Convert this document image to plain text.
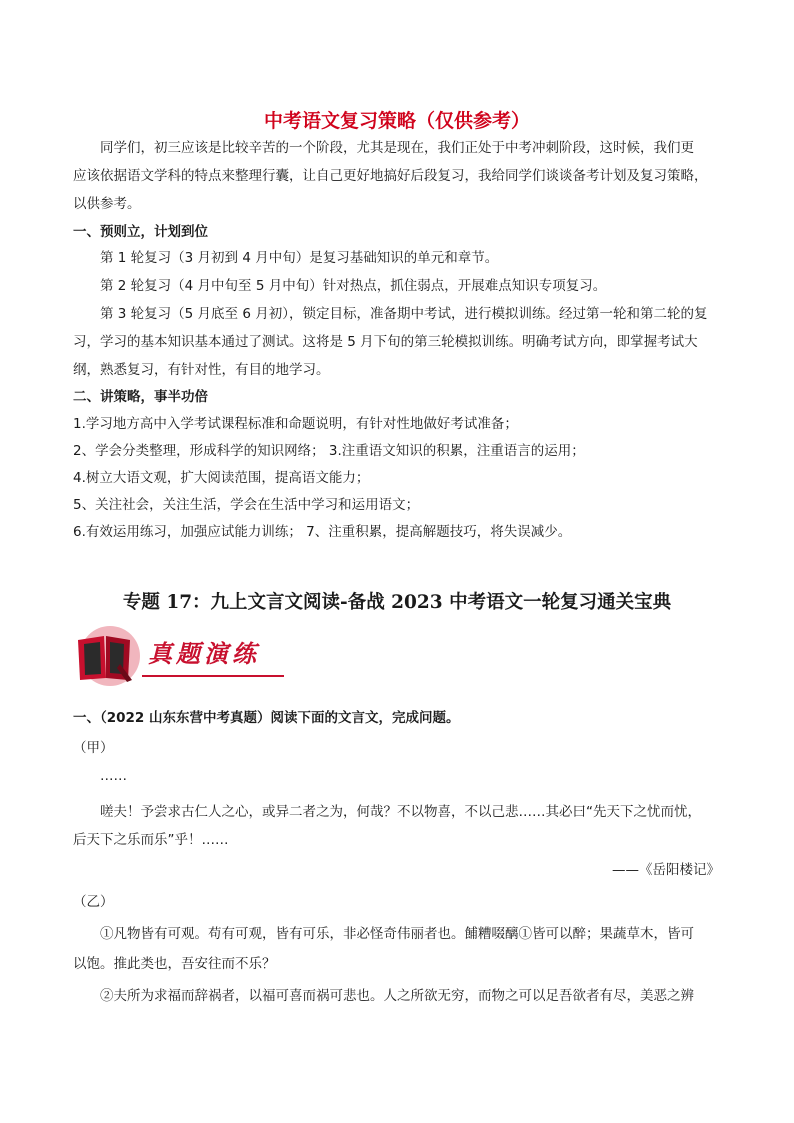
中考语文复习策略（仅供参考）
同学们，初三应该是比较辛苦的一个阶段，尤其是现在，我们正处于中考冲刺阶段，这时候，我们更
应该依据语文学科的特点来整理行囊，让自己更好地搞好后段复习，我给同学们谈谈备考计划及复习策略，
以供参考。
一、预则立，计划到位
第 1 轮复习（3 月初到 4 月中旬）是复习基础知识的单元和章节。
第 2 轮复习（4 月中旬至 5 月中旬）针对热点，抓住弱点，开展难点知识专项复习。
第 3 轮复习（5 月底至 6 月初），锁定目标，准备期中考试，进行模拟训练。经过第一轮和第二轮的复
习，学习的基本知识基本通过了测试。这将是 5 月下旬的第三轮模拟训练。明确考试方向，即掌握考试大
纲，熟悉复习，有针对性，有目的地学习。
二、讲策略，事半功倍
1.学习地方高中入学考试课程标准和命题说明，有针对性地做好考试准备；
2、学会分类整理，形成科学的知识网络； 3.注重语文知识的积累，注重语言的运用；
4.树立大语文观，扩大阅读范围，提高语文能力；
5、关注社会，关注生活，学会在生活中学习和运用语文；
6.有效运用练习，加强应试能力训练； 7、注重积累，提高解题技巧，将失误减少。
专题 17：九上文言文阅读-备战 2023 中考语文一轮复习通关宝典
真题演练
一、（2022 山东东营中考真题）阅读下面的文言文，完成问题。
（甲）
……
嗟夫！予尝求古仁人之心，或异二者之为，何哉？不以物喜，不以己悲……其必曰“先天下之忧而忧，
后天下之乐而乐”乎！……
——《岳阳楼记》
（乙）
①凡物皆有可观。苟有可观，皆有可乐，非必怪奇伟丽者也。餔糟啜醨①皆可以醉；果蔬草木，皆可
以饱。推此类也，吾安往而不乐？
②夫所为求福而辞祸者，以福可喜而祸可悲也。人之所欲无穷，而物之可以足吾欲者有尽，美恶之辨
